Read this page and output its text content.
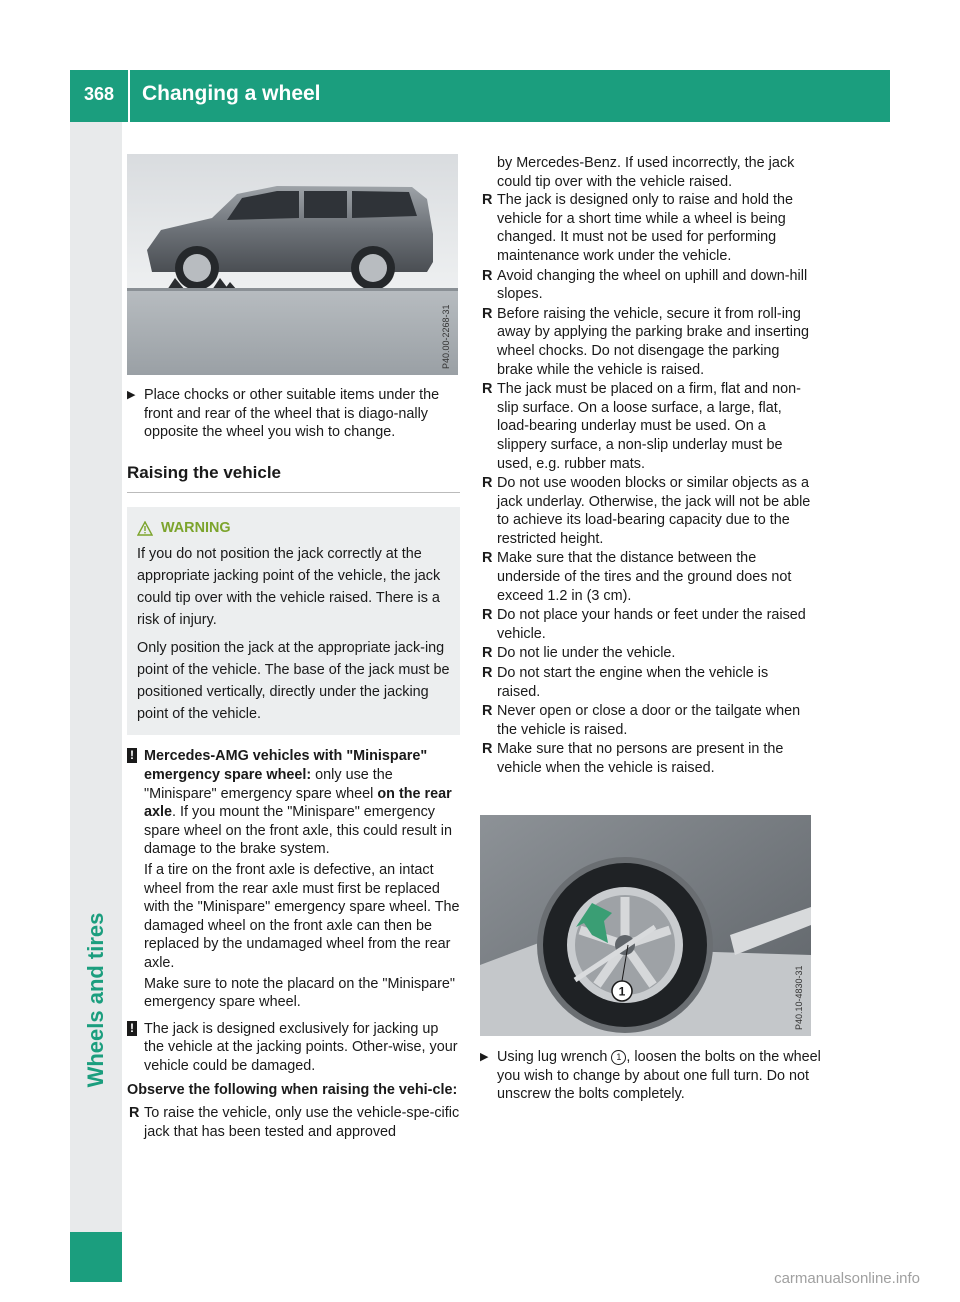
368	Changing a wheel
Wheels and tires
P40.00-2268-31

▶ Place chocks or other suitable items under the front and rear of the wheel that is diago-nally opposite the wheel you wish to change.

Raising the vehicle
WARNING

If you do not position the jack correctly at the appropriate jacking point of the vehicle, the jack could tip over with the vehicle raised. There is a risk of injury.

Only position the jack at the appropriate jack-ing point of the vehicle. The base of the jack must be positioned vertically, directly under the jacking point of the vehicle.

! Mercedes-AMG vehicles with "Minispare" emergency spare wheel: only use the "Minispare" emergency spare wheel on the rear axle. If you mount the "Minispare" emergency spare wheel on the front axle, this could result in damage to the brake system.

If a tire on the front axle is defective, an intact wheel from the rear axle must first be replaced with the "Minispare" emergency spare wheel. The damaged wheel on the front axle can then be replaced by the undamaged wheel from the rear axle.

Make sure to note the placard on the "Minispare" emergency spare wheel.

! The jack is designed exclusively for jacking up the vehicle at the jacking points. Other-wise, your vehicle could be damaged.

Observe the following when raising the vehi-cle:
R To raise the vehicle, only use the vehicle-spe-cific jack that has been tested and approved

by Mercedes-Benz. If used incorrectly, the jack could tip over with the vehicle raised.

R The jack is designed only to raise and hold the vehicle for a short time while a wheel is being changed. It must not be used for performing maintenance work under the vehicle.
R Avoid changing the wheel on uphill and down-hill slopes.
R Before raising the vehicle, secure it from roll-ing away by applying the parking brake and inserting wheel chocks. Do not disengage the parking brake while the vehicle is raised.
R The jack must be placed on a firm, flat and non-slip surface. On a loose surface, a large, flat, load-bearing underlay must be used. On a slippery surface, a non-slip underlay must be used, e.g. rubber mats.
R Do not use wooden blocks or similar objects as a jack underlay. Otherwise, the jack will not be able to achieve its load-bearing capacity due to the restricted height.
R Make sure that the distance between the underside of the tires and the ground does not exceed 1.2 in (3 cm).
R Do not place your hands or feet under the raised vehicle.
R Do not lie under the vehicle.
R Do not start the engine when the vehicle is raised.
R Never open or close a door or the tailgate when the vehicle is raised.
R Make sure that no persons are present in the vehicle when the vehicle is raised.
1	P40.10-4830-31

▶ Using lug wrench 1 , loosen the bolts on the wheel you wish to change by about one full turn. Do not unscrew the bolts completely.

carmanualsonline.info
